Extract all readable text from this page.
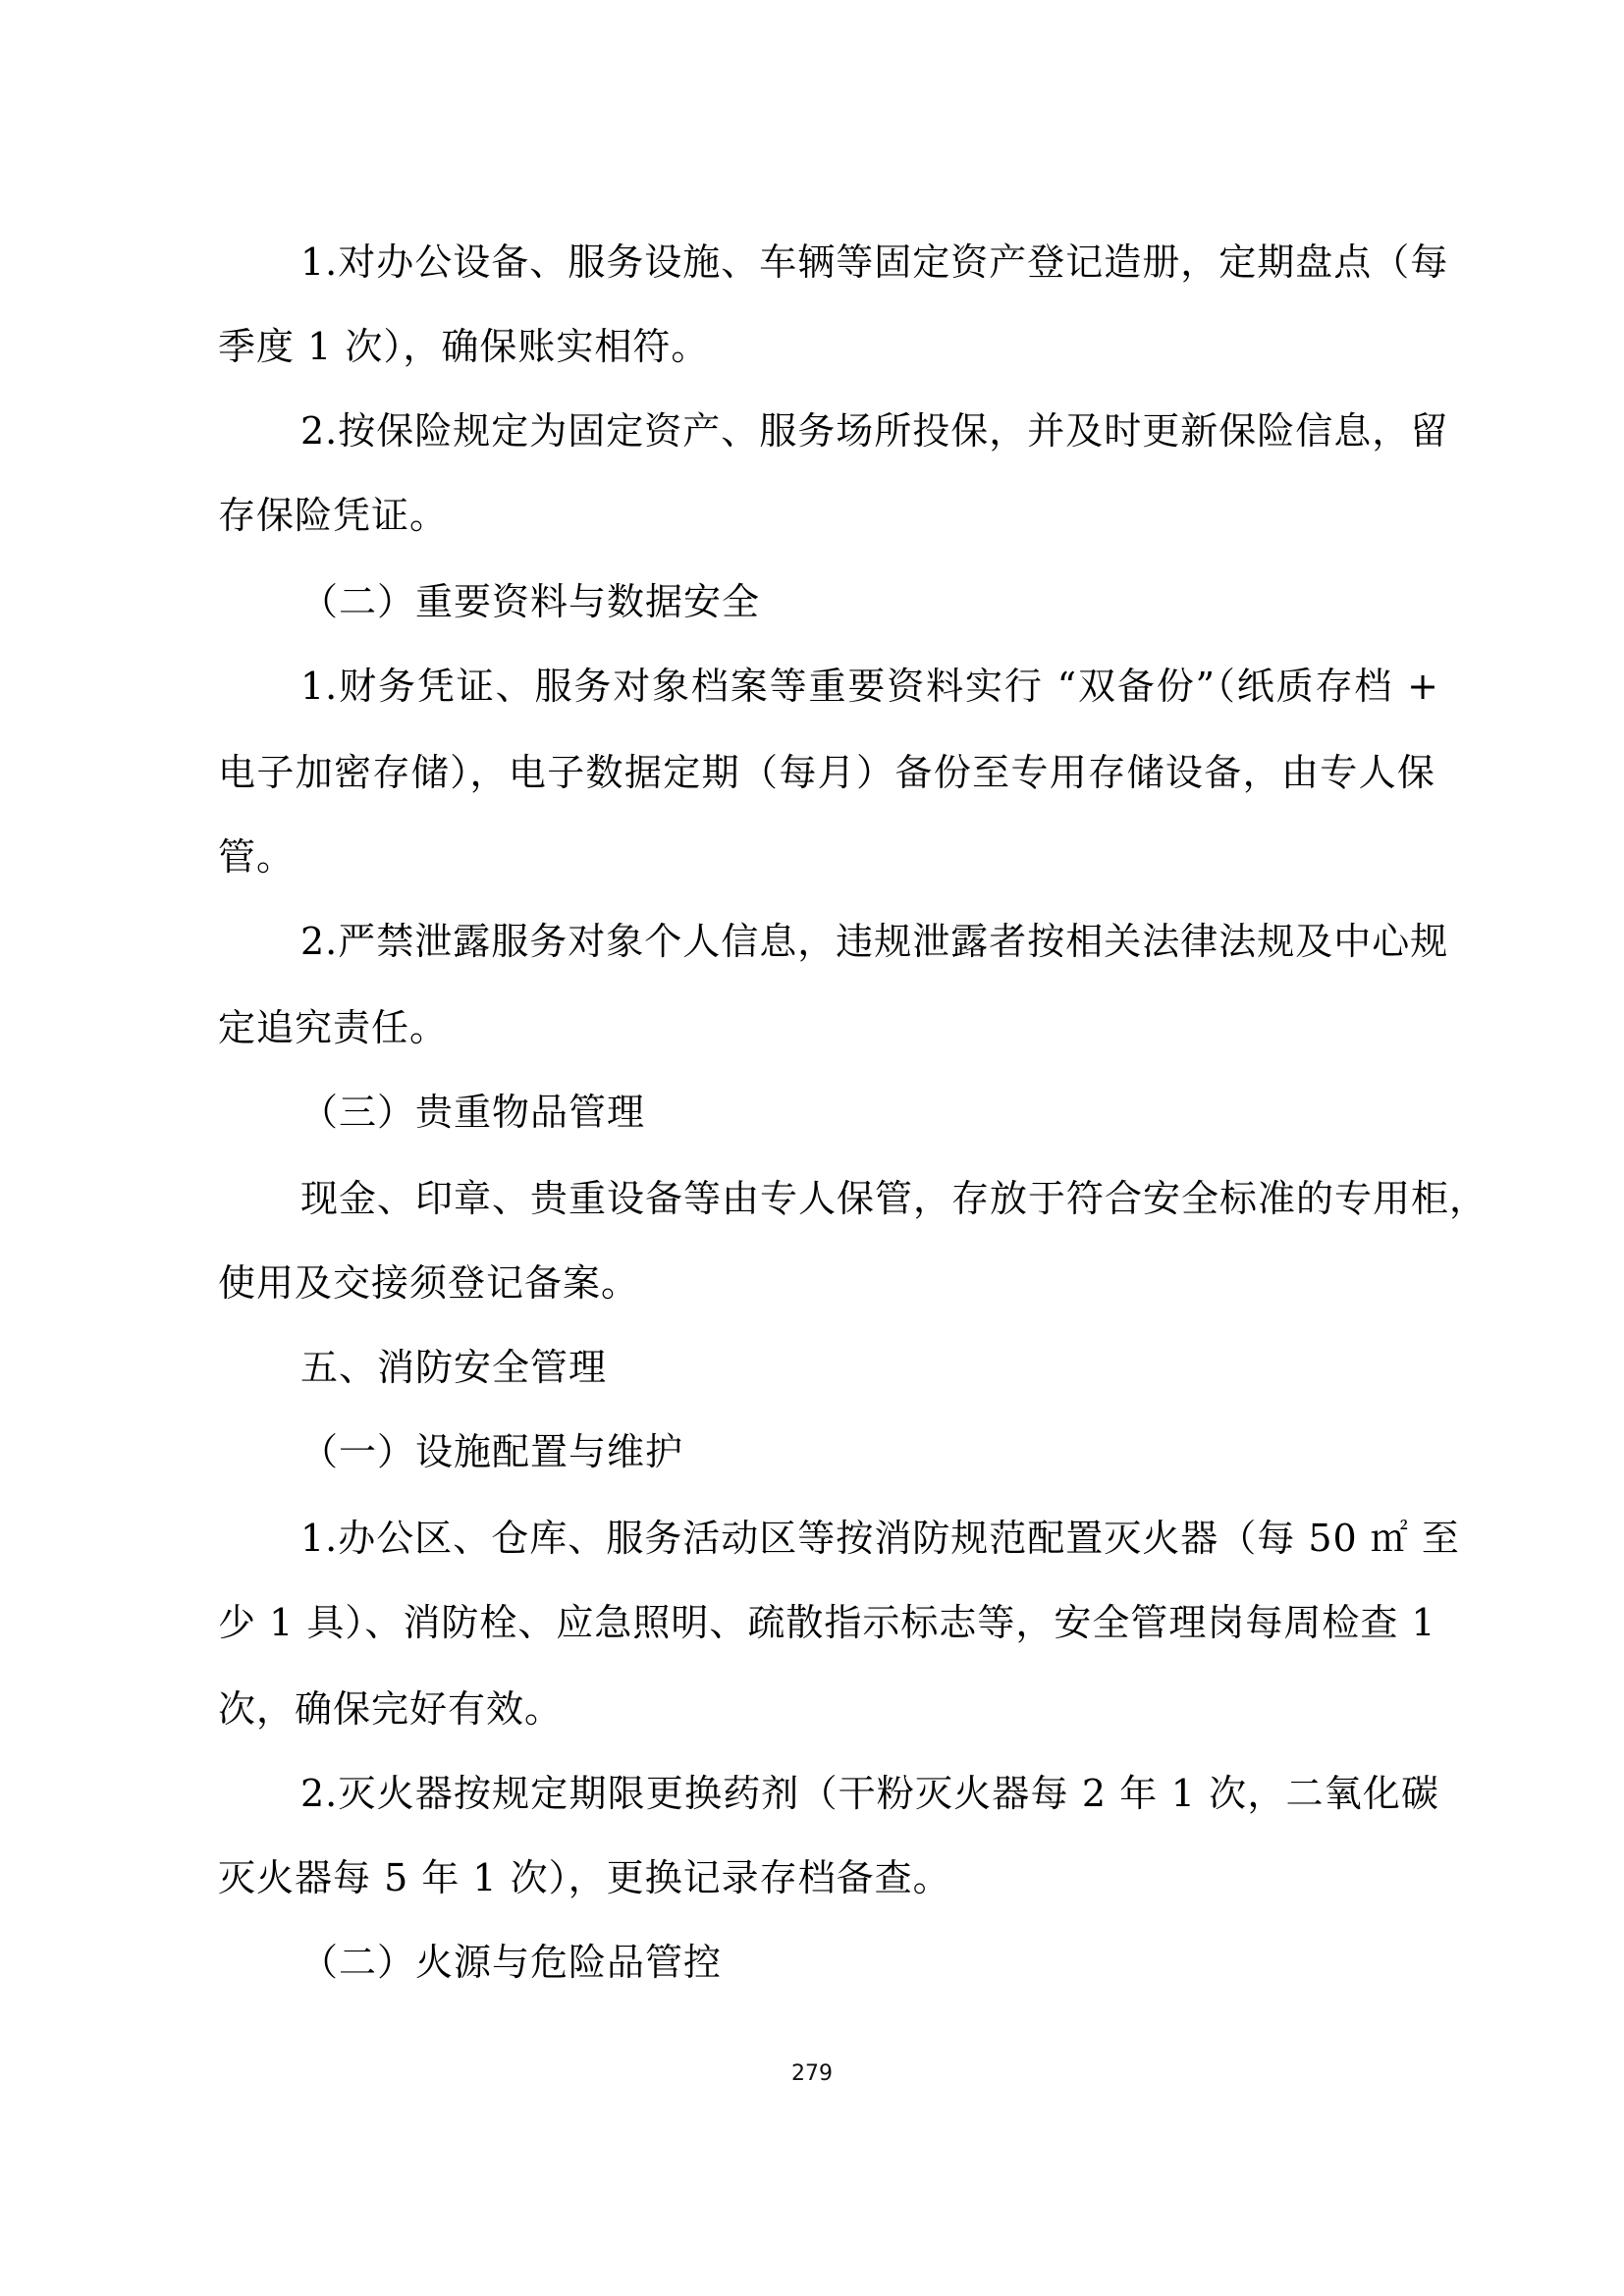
1.对办公设备、服务设施、车辆等固定资产登记造册，定期盘点（每
季度 1 次），确保账实相符。
2.按保险规定为固定资产、服务场所投保，并及时更新保险信息，留
存保险凭证。
（二）重要资料与数据安全
1.财务凭证、服务对象档案等重要资料实行 “双备份”（纸质存档 +
电子加密存储），电子数据定期（每月）备份至专用存储设备，由专人保
管。
2.严禁泄露服务对象个人信息，违规泄露者按相关法律法规及中心规
定追究责任。
（三）贵重物品管理
现金、印章、贵重设备等由专人保管，存放于符合安全标准的专用柜，
使用及交接须登记备案。
五、消防安全管理
（一）设施配置与维护
1.办公区、仓库、服务活动区等按消防规范配置灭火器（每 50 ㎡ 至
少 1 具）、消防栓、应急照明、疏散指示标志等，安全管理岗每周检查 1
次，确保完好有效。
2.灭火器按规定期限更换药剂（干粉灭火器每 2 年 1 次，二氧化碳
灭火器每 5 年 1 次），更换记录存档备查。
（二）火源与危险品管控
279
